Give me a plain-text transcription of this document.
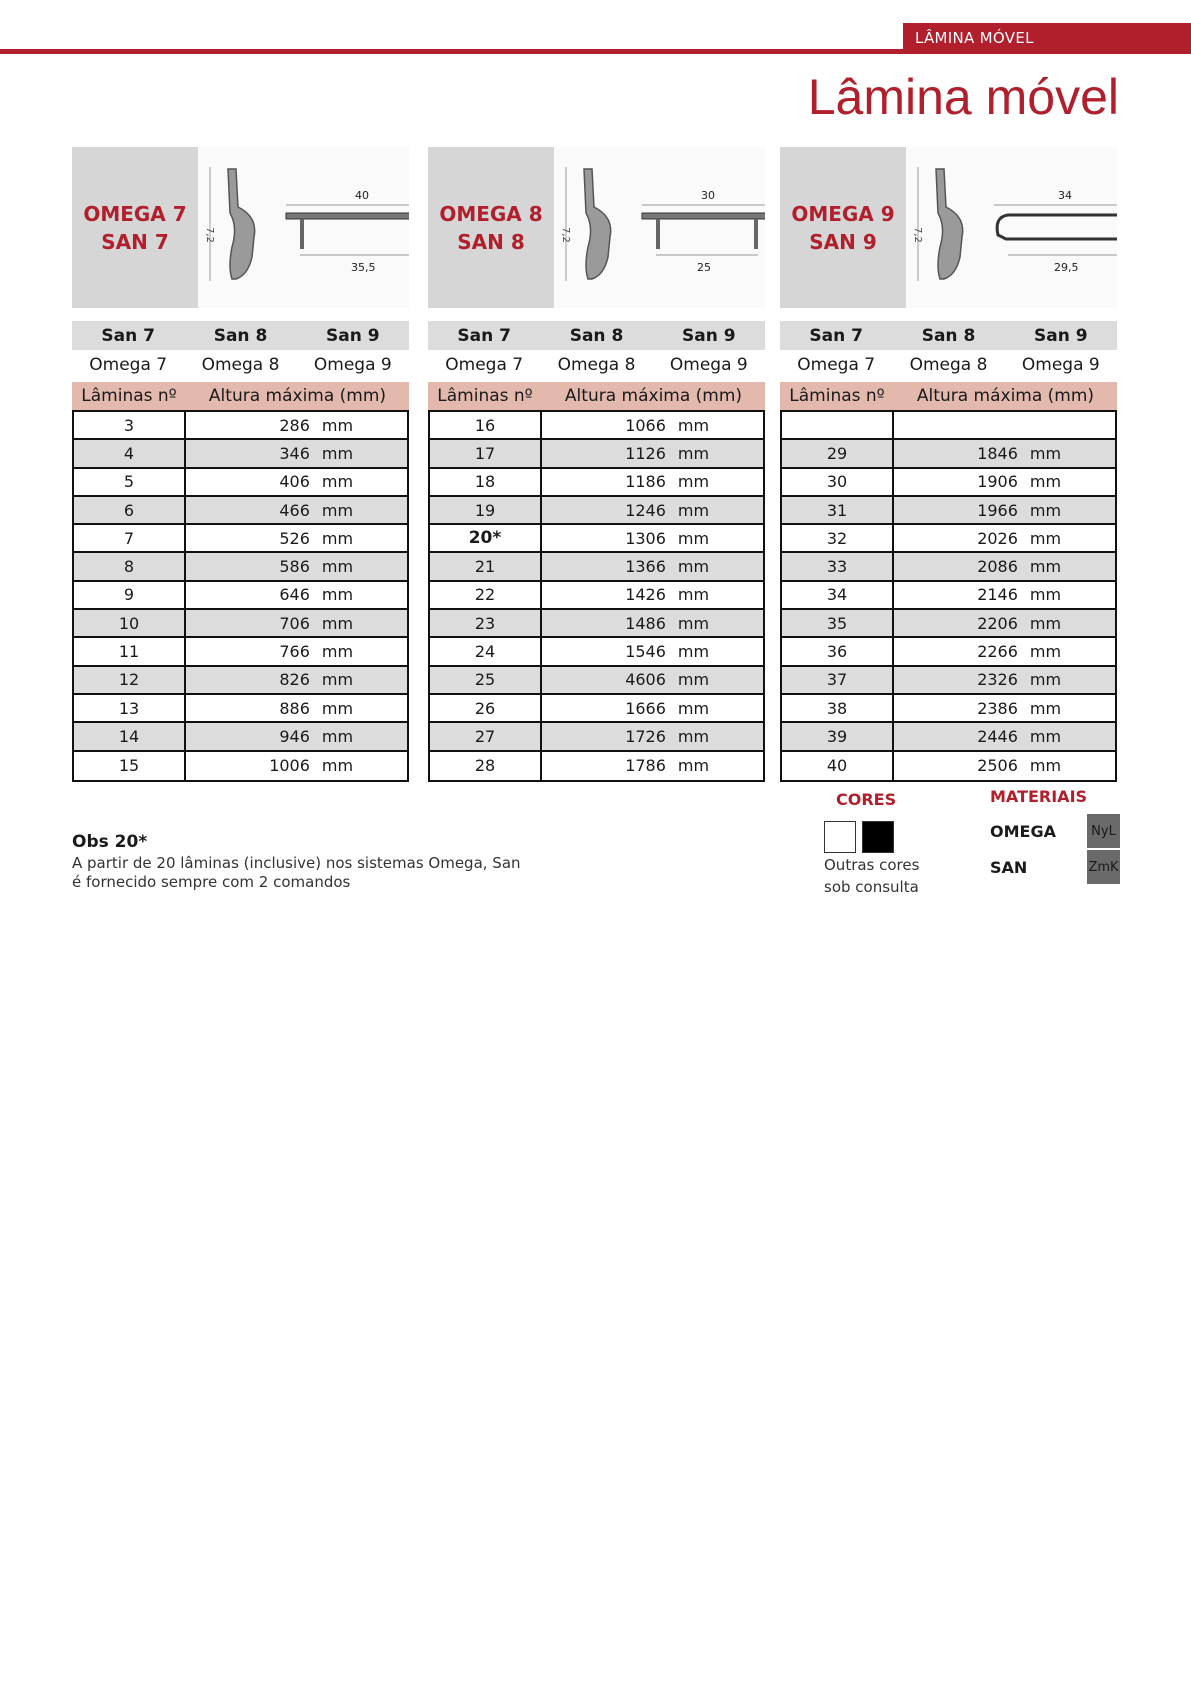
LÂMINA MÓVEL
Lâmina móvel
OMEGA 7
SAN 7	7,2
40
35,5
San 7	San 8	San 9
Omega 7	Omega 8	Omega 9
Lâminas nº	Altura máxima (mm)
3	286 mm
4	346 mm
5	406 mm
6	466 mm
7	526 mm
8	586 mm
9	646 mm
10	706 mm
11	766 mm
12	826 mm
13	886 mm
14	946 mm
15	1006 mm
OMEGA 8
SAN 8	7,2
30
25
San 7	San 8	San 9
Omega 7	Omega 8	Omega 9
Lâminas nº	Altura máxima (mm)
16	1066 mm
17	1126 mm
18	1186 mm
19	1246 mm
20*	1306 mm
21	1366 mm
22	1426 mm
23	1486 mm
24	1546 mm
25	4606 mm
26	1666 mm
27	1726 mm
28	1786 mm
OMEGA 9
SAN 9	7,2
34
29,5
San 7	San 8	San 9
Omega 7	Omega 8	Omega 9
Lâminas nº	Altura máxima (mm)
29	1846 mm
30	1906 mm
31	1966 mm
32	2026 mm
33	2086 mm
34	2146 mm
35	2206 mm
36	2266 mm
37	2326 mm
38	2386 mm
39	2446 mm
40	2506 mm
Obs 20*
A partir de 20 lâminas (inclusive) nos sistemas Omega, San
é fornecido sempre com 2 comandos
CORES
Outras cores
sob consulta
MATERIAIS
OMEGA	NyL
SAN	ZmK
